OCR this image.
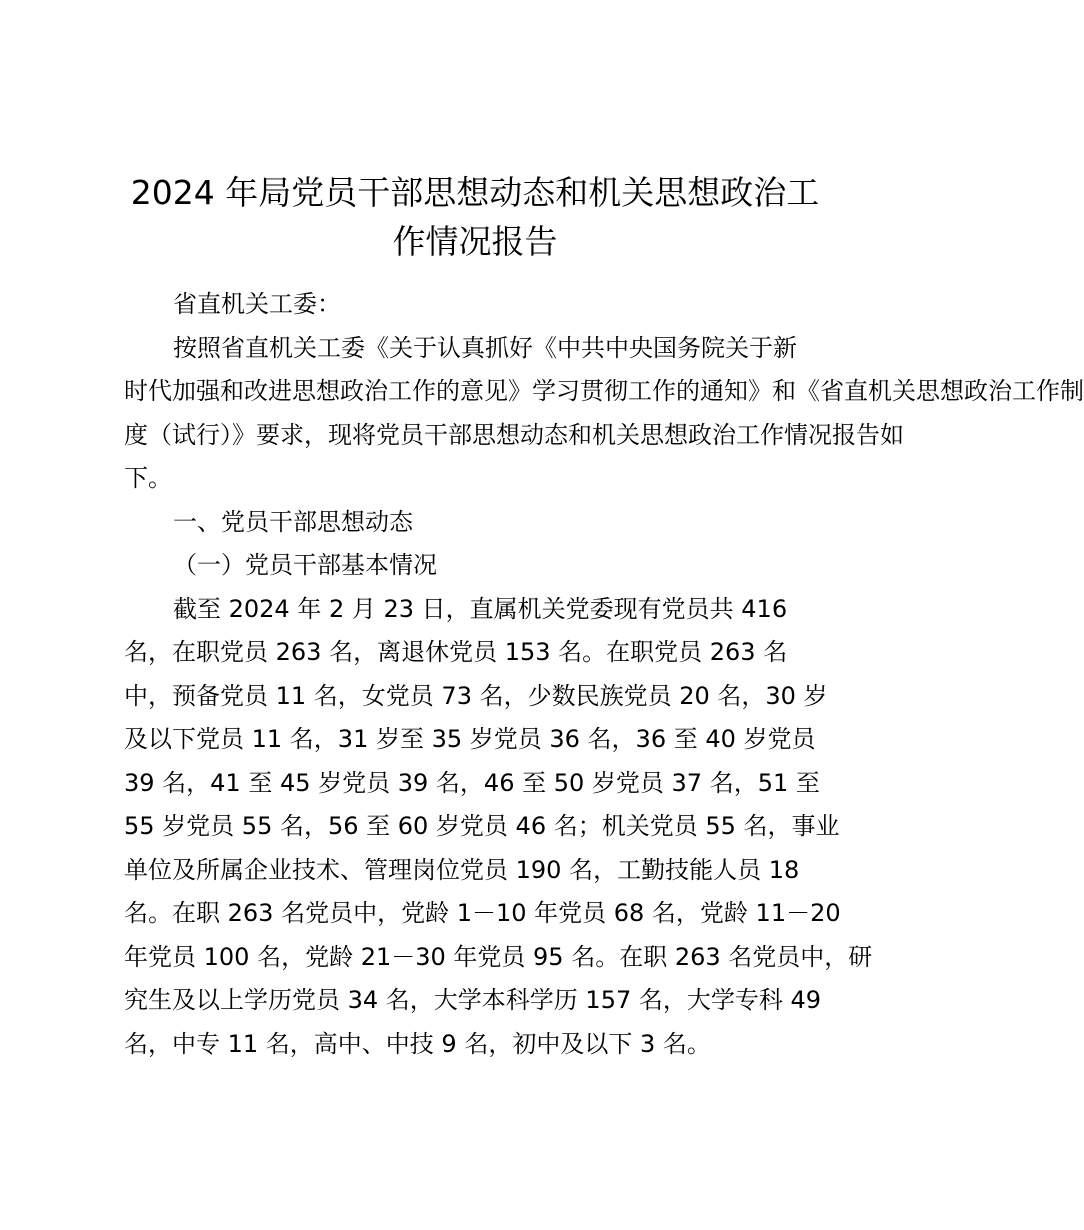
2024 年局党员干部思想动态和机关思想政治工
作情况报告
省直机关工委：
按照省直机关工委《关于认真抓好《中共中央国务院关于新
时代加强和改进思想政治工作的意见》学习贯彻工作的通知》和《省直机关思想政治工作制
度（试行）》要求，现将党员干部思想动态和机关思想政治工作情况报告如
下。
一、党员干部思想动态
（一）党员干部基本情况
截至 2024 年 2 月 23 日，直属机关党委现有党员共 416
名，在职党员 263 名，离退休党员 153 名。在职党员 263 名
中，预备党员 11 名，女党员 73 名，少数民族党员 20 名，30 岁
及以下党员 11 名，31 岁至 35 岁党员 36 名，36 至 40 岁党员
39 名，41 至 45 岁党员 39 名，46 至 50 岁党员 37 名，51 至
55 岁党员 55 名，56 至 60 岁党员 46 名；机关党员 55 名，事业
单位及所属企业技术、管理岗位党员 190 名，工勤技能人员 18
名。在职 263 名党员中，党龄 1－10 年党员 68 名，党龄 11－20
年党员 100 名，党龄 21－30 年党员 95 名。在职 263 名党员中，研
究生及以上学历党员 34 名，大学本科学历 157 名，大学专科 49
名，中专 11 名，高中、中技 9 名，初中及以下 3 名。
